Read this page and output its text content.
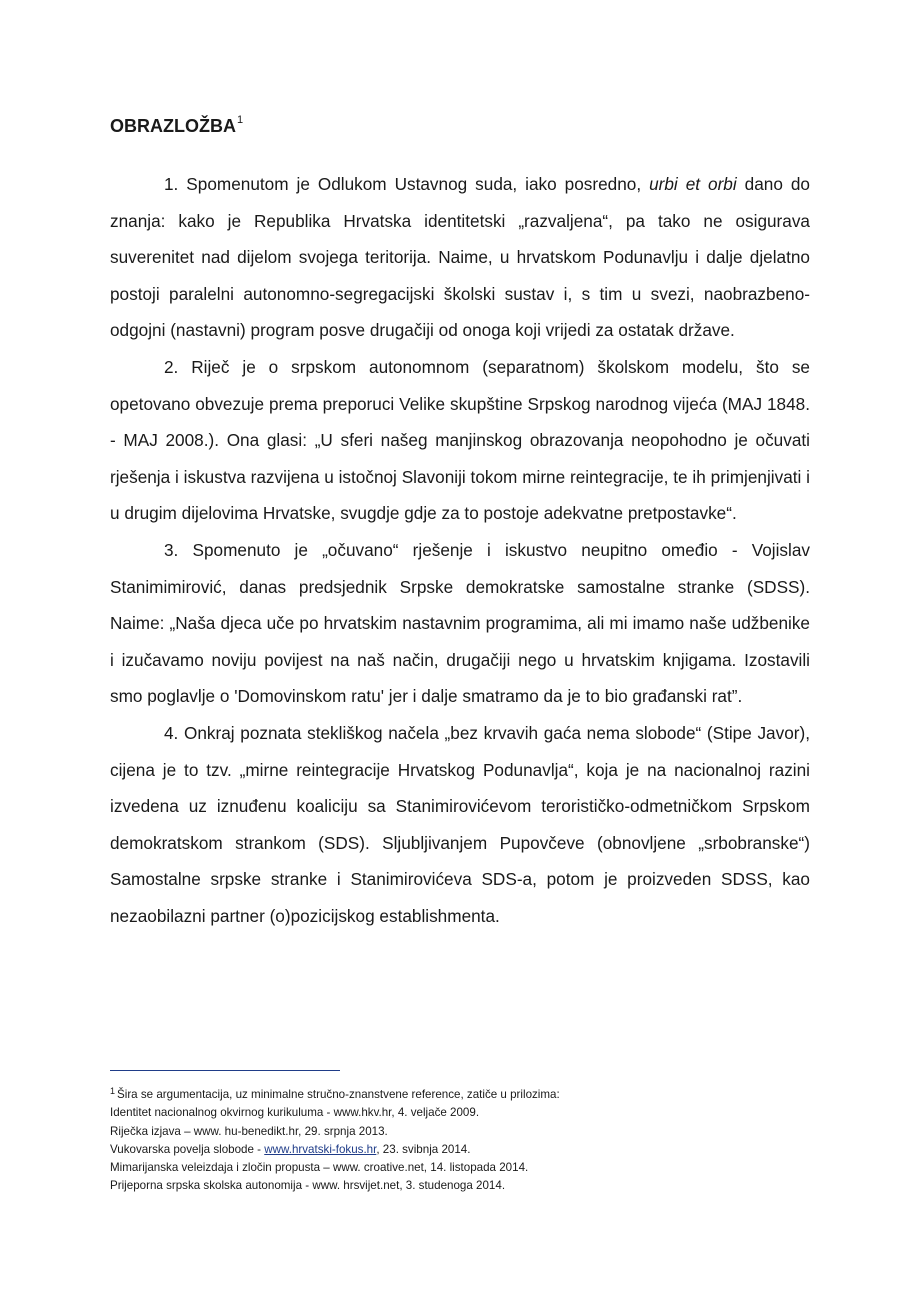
OBRAZLOŽBA$^1$

1. Spomenutom je Odlukom Ustavnog suda, iako posredno, urbi et orbi dano do znanja: kako je Republika Hrvatska identitetski „razvaljena“, pa tako ne osigurava suverenitet nad dijelom svojega teritorija. Naime, u hrvatskom Podunavlju i dalje djelatno postoji paralelni autonomno-segregacijski školski sustav i, s tim u svezi, naobrazbeno-odgojni (nastavni) program posve drugačiji od onoga koji vrijedi za ostatak države.

2. Riječ je o srpskom autonomnom (separatnom) školskom modelu, što se opetovano obvezuje prema preporuci Velike skupštine Srpskog narodnog vijeća (MAJ 1848. - MAJ 2008.). Ona glasi: „U sferi našeg manjinskog obrazovanja neopohodno je očuvati rješenja i iskustva razvijena u istočnoj Slavoniji tokom mirne reintegracije, te ih primjenjivati i u drugim dijelovima Hrvatske, svugdje gdje za to postoje adekvatne pretpostavke“.

3. Spomenuto je „očuvano“ rješenje i iskustvo neupitno omeđio - Vojislav Stanimimirović, danas predsjednik Srpske demokratske samostalne stranke (SDSS). Naime: „Naša djeca uče po hrvatskim nastavnim programima, ali mi imamo naše udžbenike i izučavamo noviju povijest na naš način, drugačiji nego u hrvatskim knjigama. Izostavili smo poglavlje o 'Domovinskom ratu' jer i dalje smatramo da je to bio građanski rat”.

4. Onkraj poznata stekliškog načela „bez krvavih gaća nema slobode“ (Stipe Javor), cijena je to tzv. „mirne reintegracije Hrvatskog Podunavlja“, koja je na nacionalnoj razini izvedena uz iznuđenu koaliciju sa Stanimirovićevom terorističko-odmetničkom Srpskom demokratskom strankom (SDS). Sljubljivanjem Pupovčeve (obnovljene „srbobranske“) Samostalne srpske stranke i Stanimirovićeva SDS-a, potom je proizveden SDSS, kao nezaobilazni partner (o)pozicijskog establishmenta.

$^1$ Šira se argumentacija, uz minimalne stručno-znanstvene reference, zatiče u prilozima:
Identitet nacionalnog okvirnog kurikuluma - www.hkv.hr, 4. veljače 2009.
Riječka izjava – www. hu-benedikt.hr, 29. srpnja 2013.
Vukovarska povelja slobode - www.hrvatski-fokus.hr, 23. svibnja 2014.
Mimarijanska veleizdaja i zločin propusta – www. croative.net, 14. listopada 2014.
Prijeporna srpska skolska autonomija - www. hrsvijet.net, 3. studenoga 2014.
